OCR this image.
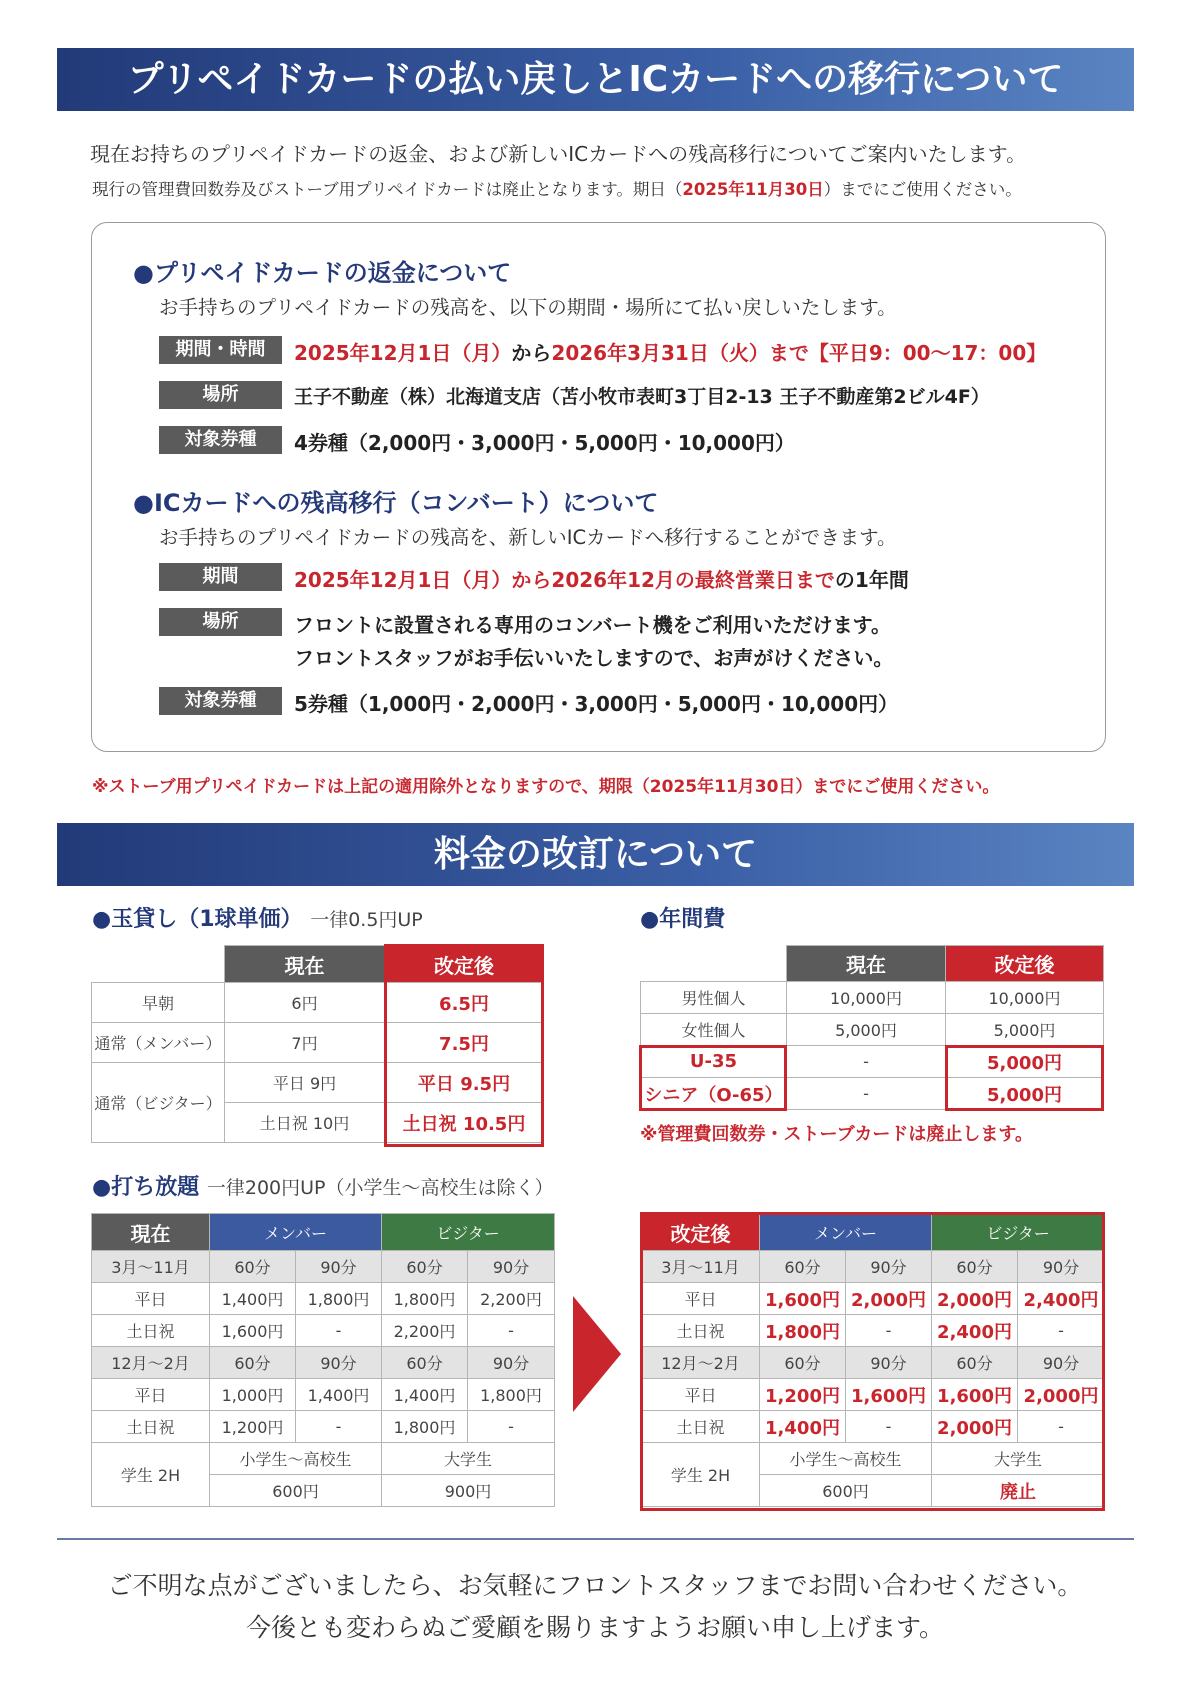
プリペイドカードの払い戻しとICカードへの移行について
現在お持ちのプリペイドカードの返金、および新しいICカードへの残高移行についてご案内いたします。
現行の管理費回数券及びストーブ用プリペイドカードは廃止となります。期日（2025年11月30日）までにご使用ください。
●プリペイドカードの返金について
お手持ちのプリペイドカードの残高を、以下の期間・場所にて払い戻しいたします。
期間・時間	2025年12月1日（月）から2026年3月31日（火）まで【平日9：00～17：00】
場所	王子不動産（株）北海道支店（苫小牧市表町3丁目2-13 王子不動産第2ビル4F）
対象券種	4券種（2,000円・3,000円・5,000円・10,000円）
●ICカードへの残高移行（コンバート）について
お手持ちのプリペイドカードの残高を、新しいICカードへ移行することができます。
期間	2025年12月1日（月）から2026年12月の最終営業日までの1年間
場所	フロントに設置される専用のコンバート機をご利用いただけます。
フロントスタッフがお手伝いいたしますので、お声がけください。
対象券種	5券種（1,000円・2,000円・3,000円・5,000円・10,000円）
※ストーブ用プリペイドカードは上記の適用除外となりますので、期限（2025年11月30日）までにご使用ください。
料金の改訂について
●玉貸し（1球単価） 一律0.5円UP
	現在	改定後
早朝	6円	6.5円
通常（メンバー）	7円	7.5円
通常（ビジター）	平日 9円	平日 9.5円
	土日祝 10円	土日祝 10.5円
●年間費
	現在	改定後
男性個人	10,000円	10,000円
女性個人	5,000円	5,000円
U-35	-	5,000円
シニア（O-65）	-	5,000円
※管理費回数券・ストーブカードは廃止します。
●打ち放題 一律200円UP（小学生～高校生は除く）
現在	メンバー		ビジター	
3月～11月	60分	90分	60分	90分
平日	1,400円	1,800円	1,800円	2,200円
土日祝	1,600円	-	2,200円	-
12月～2月	60分	90分	60分	90分
平日	1,000円	1,400円	1,400円	1,800円
土日祝	1,200円	-	1,800円	-
学生 2H	小学生～高校生		大学生	
	600円		900円	
改定後	メンバー		ビジター	
3月～11月	60分	90分	60分	90分
平日	1,600円	2,000円	2,000円	2,400円
土日祝	1,800円	-	2,400円	-
12月～2月	60分	90分	60分	90分
平日	1,200円	1,600円	1,600円	2,000円
土日祝	1,400円	-	2,000円	-
学生 2H	小学生～高校生		大学生	
	600円		廃止	
ご不明な点がございましたら、お気軽にフロントスタッフまでお問い合わせください。
今後とも変わらぬご愛顧を賜りますようお願い申し上げます。
